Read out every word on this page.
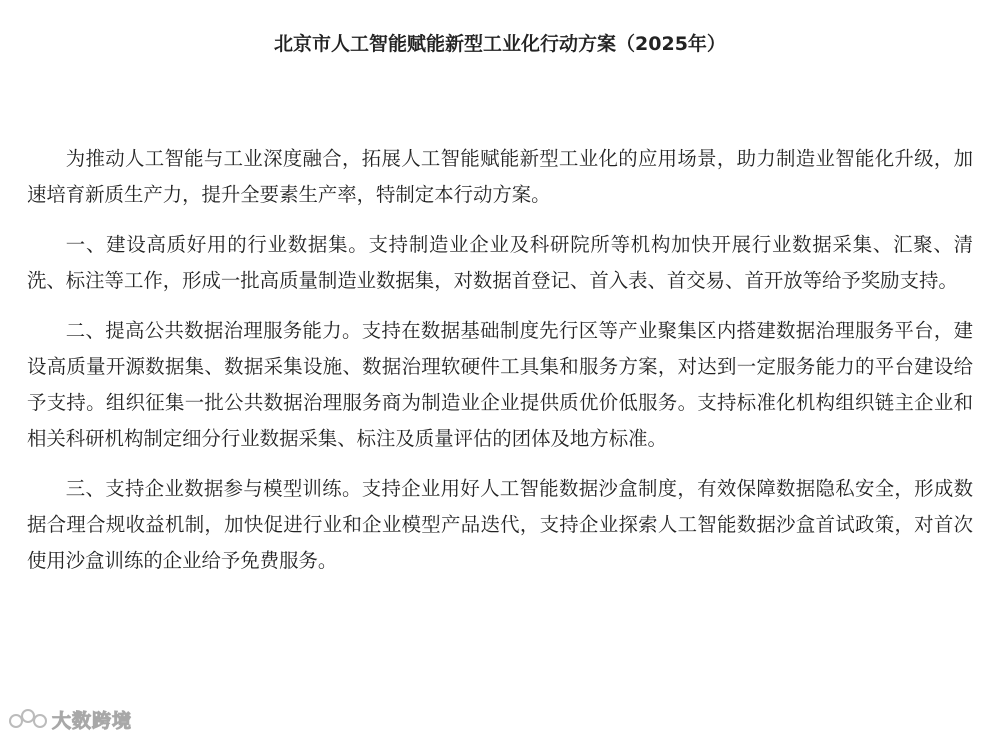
北京市人工智能赋能新型工业化行动方案（2025年）

为推动人工智能与工业深度融合，拓展人工智能赋能新型工业化的应用场景，助力制造业智能化升级，加速培育新质生产力，提升全要素生产率，特制定本行动方案。

一、建设高质好用的行业数据集。支持制造业企业及科研院所等机构加快开展行业数据采集、汇聚、清洗、标注等工作，形成一批高质量制造业数据集，对数据首登记、首入表、首交易、首开放等给予奖励支持。

二、提高公共数据治理服务能力。支持在数据基础制度先行区等产业聚集区内搭建数据治理服务平台，建设高质量开源数据集、数据采集设施、数据治理软硬件工具集和服务方案，对达到一定服务能力的平台建设给予支持。组织征集一批公共数据治理服务商为制造业企业提供质优价低服务。支持标准化机构组织链主企业和相关科研机构制定细分行业数据采集、标注及质量评估的团体及地方标准。

三、支持企业数据参与模型训练。支持企业用好人工智能数据沙盒制度，有效保障数据隐私安全，形成数据合理合规收益机制，加快促进行业和企业模型产品迭代，支持企业探索人工智能数据沙盒首试政策，对首次使用沙盒训练的企业给予免费服务。

大数跨境
